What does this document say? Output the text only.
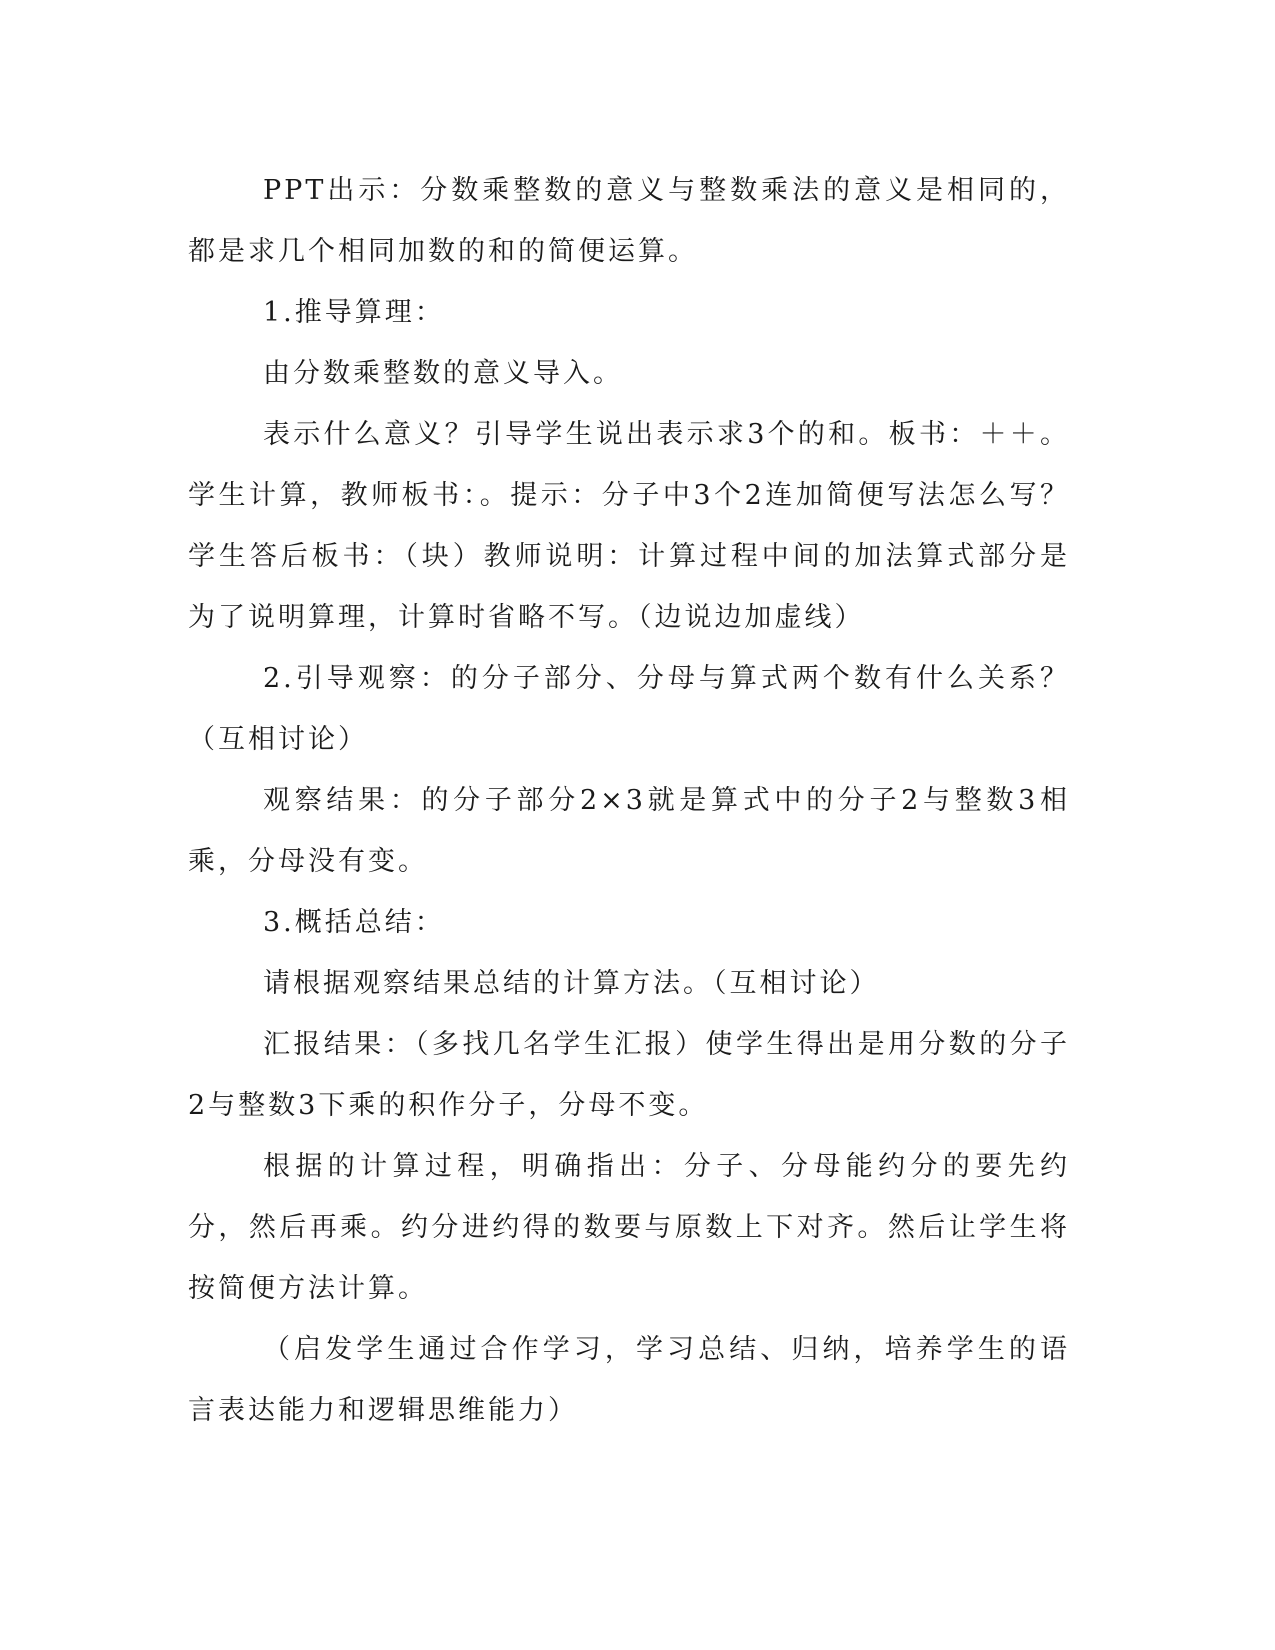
PPT出示：分数乘整数的意义与整数乘法的意义是相同的，都是求几个相同加数的和的简便运算。

1.推导算理：

由分数乘整数的意义导入。

表示什么意义？引导学生说出表示求3个的和。板书：＋＋。学生计算，教师板书：。提示：分子中3个2连加简便写法怎么写？学生答后板书：（块）教师说明：计算过程中间的加法算式部分是为了说明算理，计算时省略不写。（边说边加虚线）

2.引导观察：的分子部分、分母与算式两个数有什么关系？（互相讨论）

观察结果：的分子部分2×3就是算式中的分子2与整数3相乘，分母没有变。

3.概括总结：

请根据观察结果总结的计算方法。（互相讨论）

汇报结果：（多找几名学生汇报）使学生得出是用分数的分子2与整数3下乘的积作分子，分母不变。

根据的计算过程，明确指出：分子、分母能约分的要先约分，然后再乘。约分进约得的数要与原数上下对齐。然后让学生将按简便方法计算。

（启发学生通过合作学习，学习总结、归纳，培养学生的语言表达能力和逻辑思维能力）
